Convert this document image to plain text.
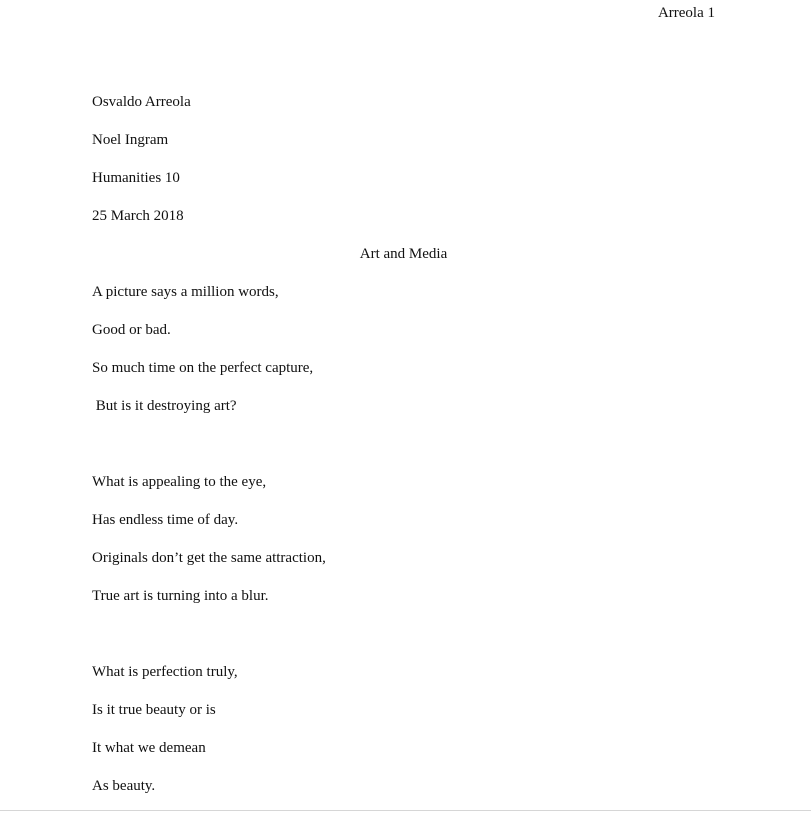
Arreola 1
Osvaldo Arreola
Noel Ingram
Humanities 10
25 March 2018
Art and Media
A picture says a million words,
Good or bad.
So much time on the perfect capture,
But is it destroying art?
What is appealing to the eye,
Has endless time of day.
Originals don’t get the same attraction,
True art is turning into a blur.
What is perfection truly,
Is it true beauty or is
It what we demean
As beauty.
